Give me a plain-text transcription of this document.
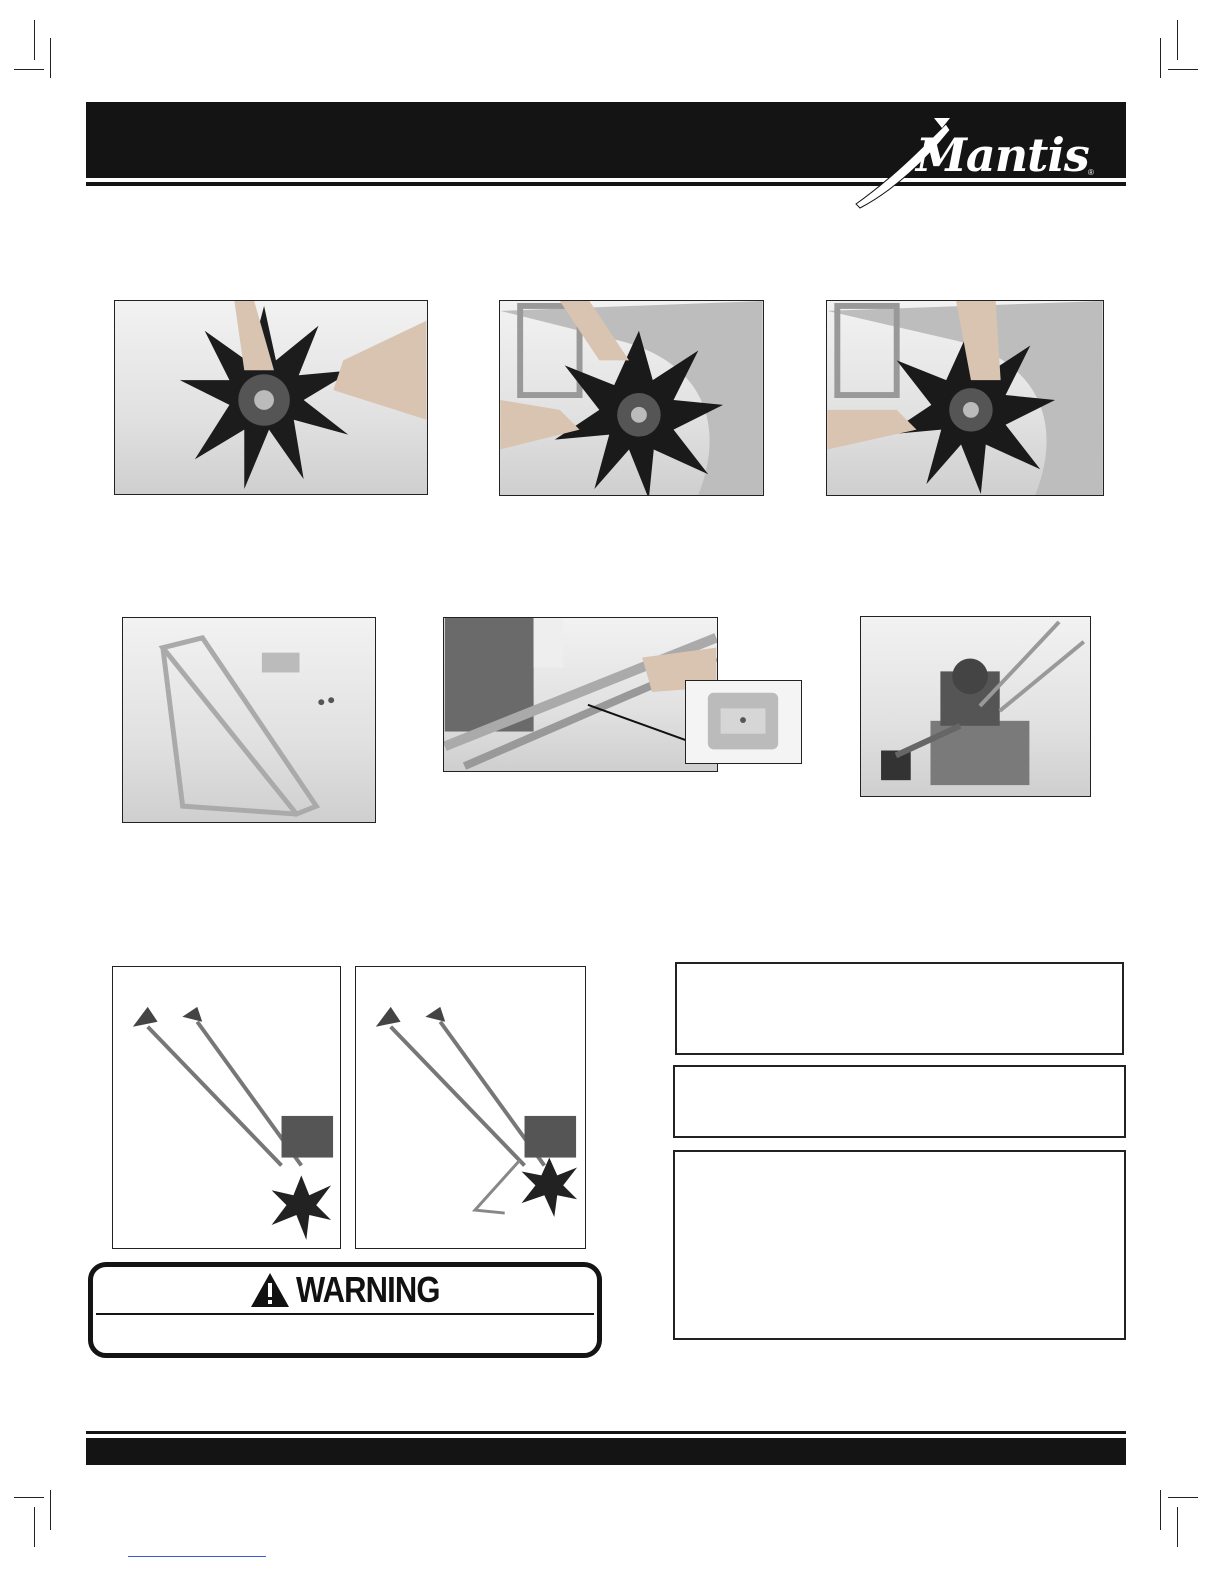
Mantis ®
WARNING
